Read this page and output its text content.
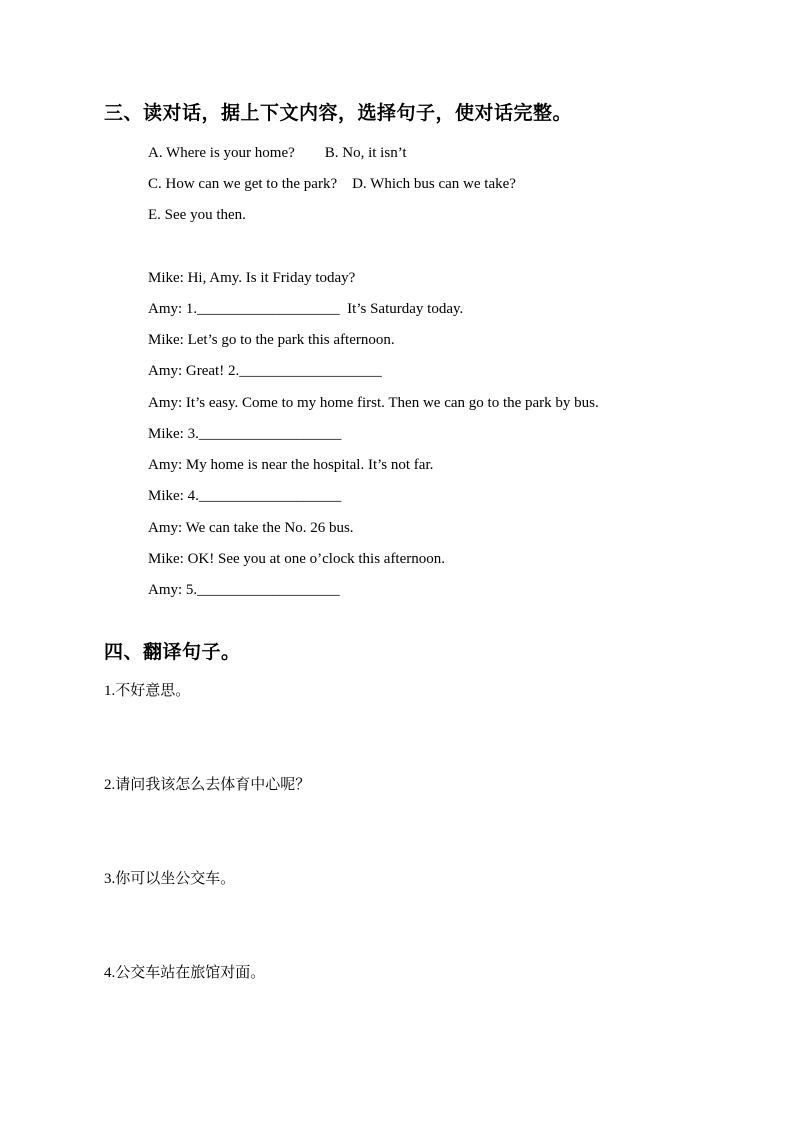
三、读对话，据上下文内容，选择句子，使对话完整。
A. Where is your home?        B. No, it isn’t
C. How can we get to the park?    D. Which bus can we take?
E. See you then.
Mike: Hi, Amy. Is it Friday today?
Amy: 1.___________________  It’s Saturday today.
Mike: Let’s go to the park this afternoon.
Amy: Great! 2.___________________
Amy: It’s easy. Come to my home first. Then we can go to the park by bus.
Mike: 3.___________________
Amy: My home is near the hospital. It’s not far.
Mike: 4.___________________
Amy: We can take the No. 26 bus.
Mike: OK! See you at one o’clock this afternoon.
Amy: 5.___________________
四、翻译句子。
1.不好意思。
2.请问我该怎么去体育中心呢？
3.你可以坐公交车。
4.公交车站在旅馆对面。
